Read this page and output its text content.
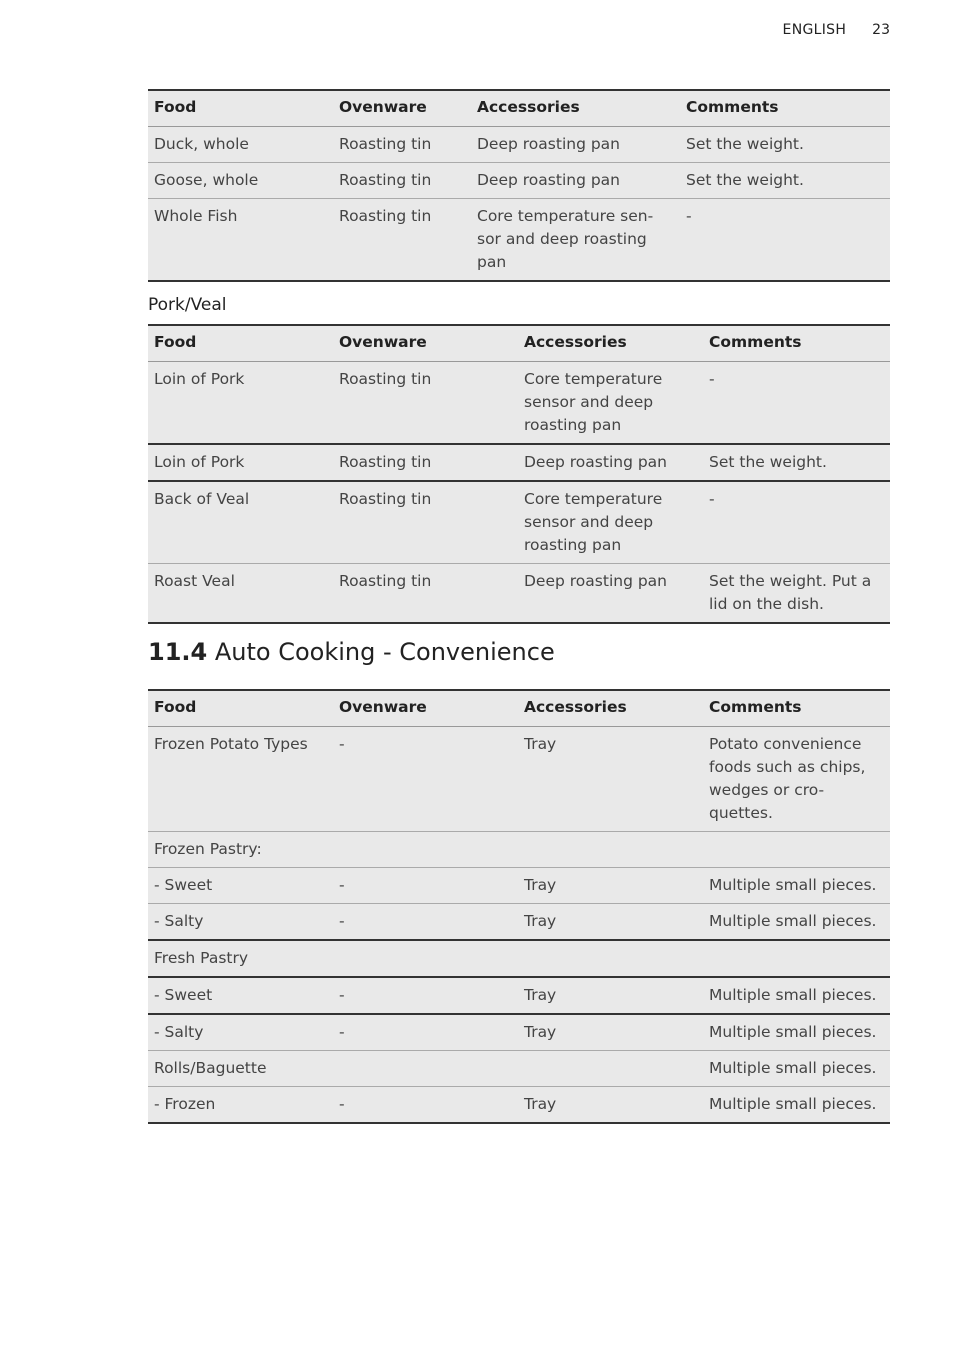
ENGLISH 23
Food	Ovenware	Accessories	Comments
Duck, whole	Roasting tin	Deep roasting pan	Set the weight.
Goose, whole	Roasting tin	Deep roasting pan	Set the weight.
Whole Fish	Roasting tin	Core temperature sen-sor and deep roasting pan	-
Pork/Veal
Food	Ovenware	Accessories	Comments
Loin of Pork	Roasting tin	Core temperature sensor and deep roasting pan	-
Loin of Pork	Roasting tin	Deep roasting pan	Set the weight.
Back of Veal	Roasting tin	Core temperature sensor and deep roasting pan	-
Roast Veal	Roasting tin	Deep roasting pan	Set the weight. Put a lid on the dish.
11.4 Auto Cooking - Convenience
Food	Ovenware	Accessories	Comments
Frozen Potato Types	-	Tray	Potato convenience foods such as chips, wedges or cro-quettes.
Frozen Pastry:			
- Sweet	-	Tray	Multiple small pieces.
- Salty	-	Tray	Multiple small pieces.
Fresh Pastry			
- Sweet	-	Tray	Multiple small pieces.
- Salty	-	Tray	Multiple small pieces.
Rolls/Baguette			Multiple small pieces.
- Frozen	-	Tray	Multiple small pieces.
